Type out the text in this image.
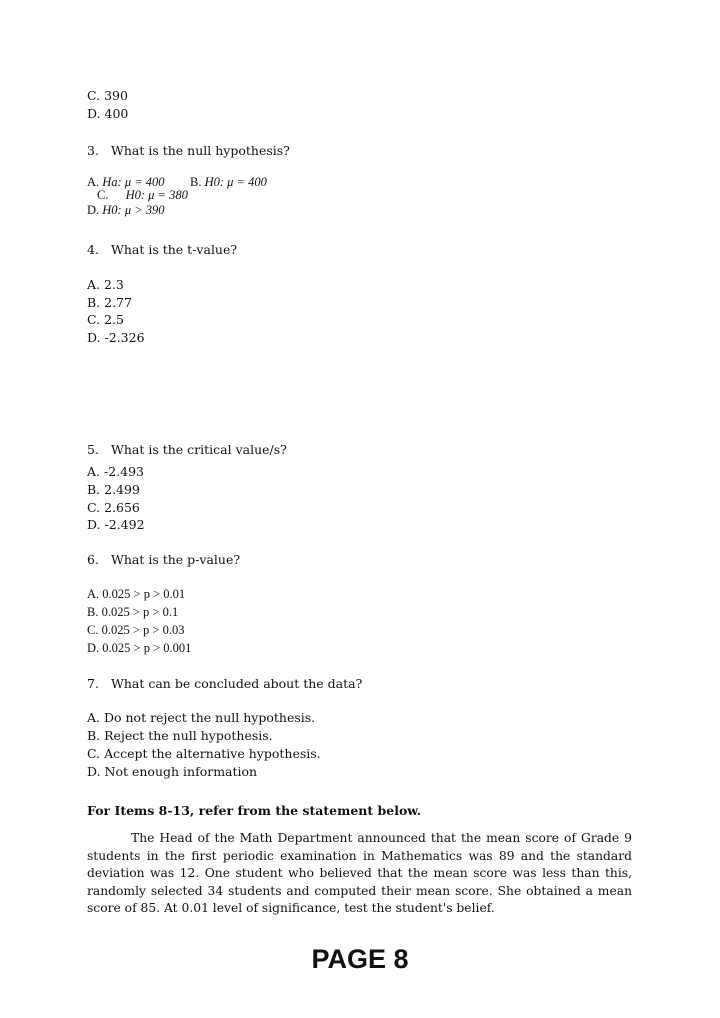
C. 390
D. 400
3. What is the null hypothesis?
A. Ha: μ = 400 B. H0: μ = 400
C. H0: μ = 380
D. H0: μ > 390
4. What is the t-value?
A. 2.3
B. 2.77
C. 2.5
D. -2.326
5. What is the critical value/s?
A. -2.493
B. 2.499
C. 2.656
D. -2.492
6. What is the p-value?
A. 0.025 > p > 0.01
B. 0.025 > p > 0.1
C. 0.025 > p > 0.03
D. 0.025 > p > 0.001
7. What can be concluded about the data?
A. Do not reject the null hypothesis.
B. Reject the null hypothesis.
C. Accept the alternative hypothesis.
D. Not enough information
For Items 8-13, refer from the statement below.
The Head of the Math Department announced that the mean score of Grade 9 students in the first periodic examination in Mathematics was 89 and the standard deviation was 12. One student who believed that the mean score was less than this, randomly selected 34 students and computed their mean score. She obtained a mean score of 85. At 0.01 level of significance, test the student's belief.
PAGE 8
